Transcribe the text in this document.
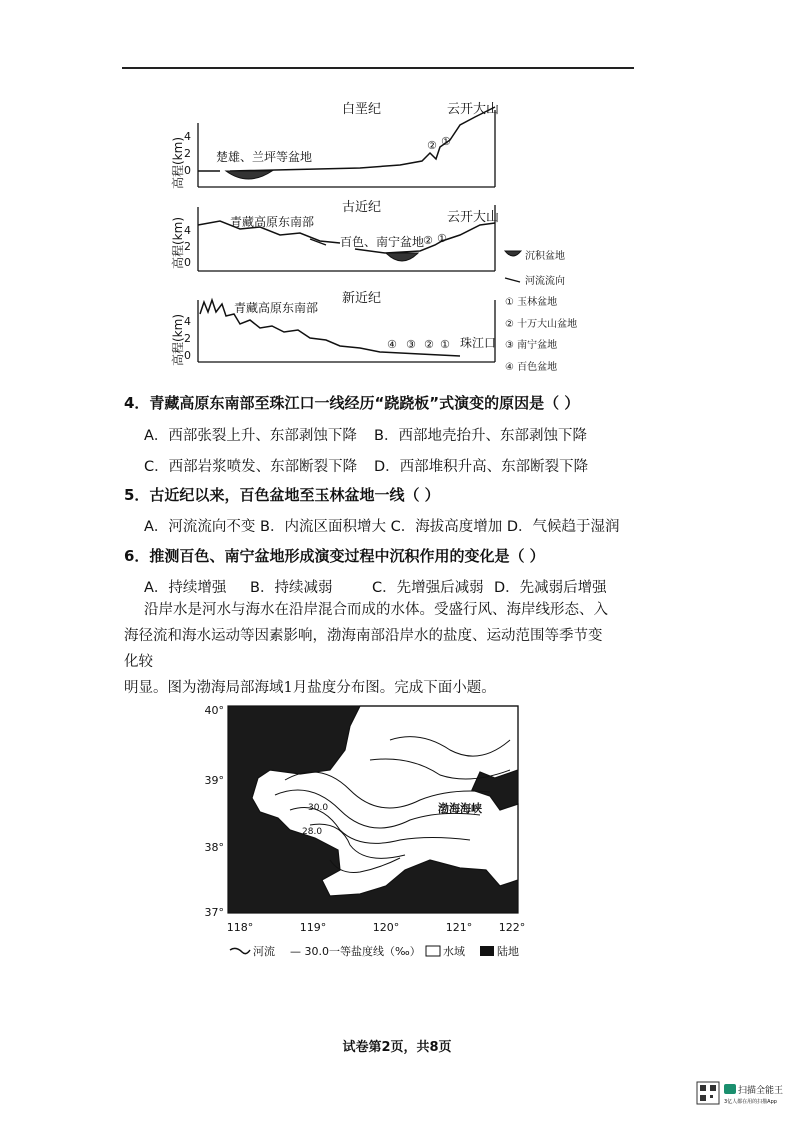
白垩纪	云开大山
高程(km)
4
2
0
楚雄、兰坪等盆地
② ①
古近纪
云开大山
高程(km) 4
2
0
青藏高原东南部
百色、南宁盆地
② ①
新近纪
高程(km) 4
2
0
青藏高原东南部
珠江口
④ ③ ② ①
沉积盆地
河流流向
① 玉林盆地
② 十万大山盆地
③ 南宁盆地
④ 百色盆地
4．青藏高原东南部至珠江口一线经历“跷跷板”式演变的原因是（ ）
A．西部张裂上升、东部剥蚀下降 B．西部地壳抬升、东部剥蚀下降
C．西部岩浆喷发、东部断裂下降 D．西部堆积升高、东部断裂下降
5．古近纪以来，百色盆地至玉林盆地一线（ ）
A．河流流向不变 B．内流区面积增大 C．海拔高度增加 D．气候趋于湿润
6．推测百色、南宁盆地形成演变过程中沉积作用的变化是（ ）
A．持续增强 B．持续减弱	C．先增强后减弱 D．先减弱后增强
沿岸水是河水与海水在沿岸混合而成的水体。受盛行风、海岸线形态、入
海径流和海水运动等因素影响，渤海南部沿岸水的盐度、运动范围等季节变化较
明显。图为渤海局部海域1月盐度分布图。完成下面小题。
30.0
28.0
渤海海峡
40°
39°
38°
37°
118°	119°	120°	121° 122°
河流 — 30.0一等盐度线（‰） 水域	陆地
试卷第2页，共8页
扫描全能王
3亿人都在用的扫描App
